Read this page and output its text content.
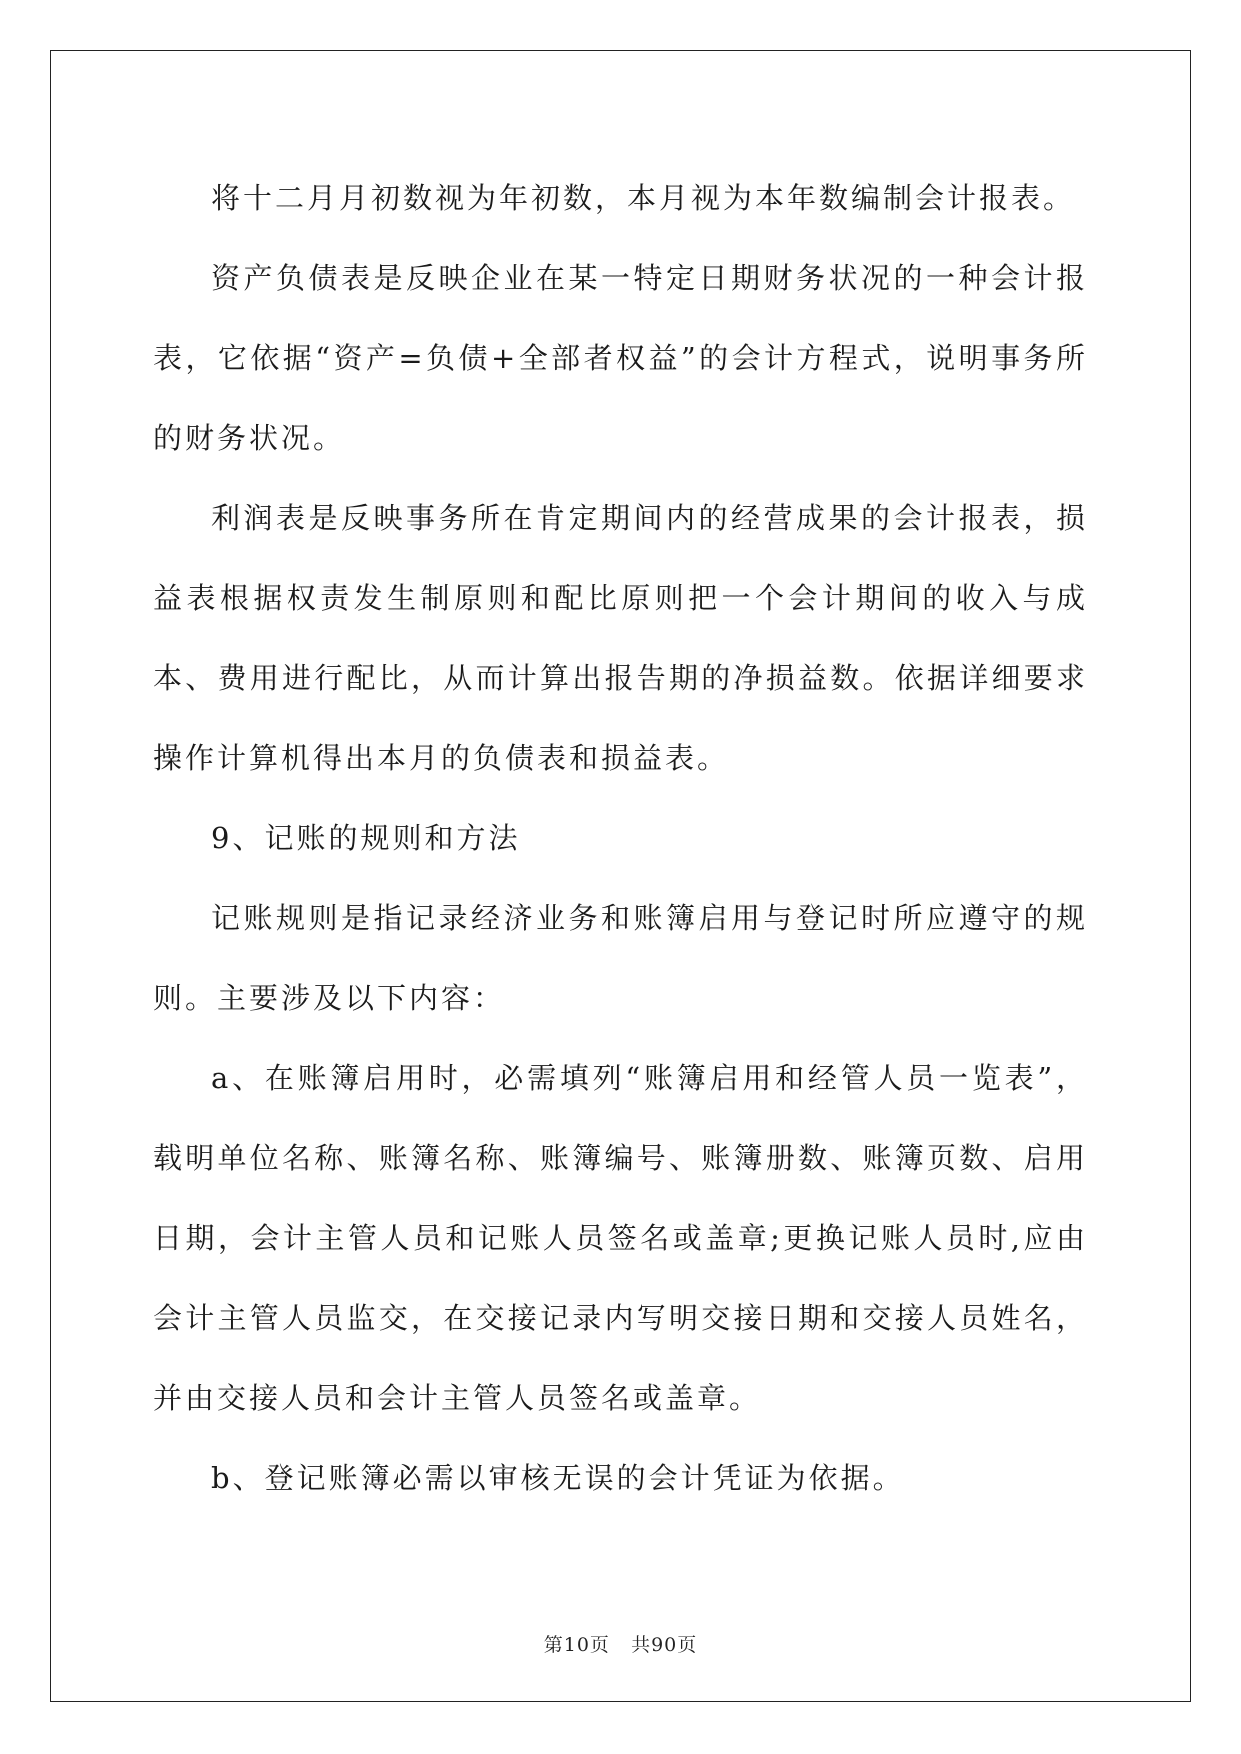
将十二月月初数视为年初数，本月视为本年数编制会计报表。

资产负债表是反映企业在某一特定日期财务状况的一种会计报表，它依据“资产=负债+全部者权益”的会计方程式，说明事务所的财务状况。

利润表是反映事务所在肯定期间内的经营成果的会计报表，损益表根据权责发生制原则和配比原则把一个会计期间的收入与成本、费用进行配比，从而计算出报告期的净损益数。依据详细要求操作计算机得出本月的负债表和损益表。

9、记账的规则和方法

记账规则是指记录经济业务和账簿启用与登记时所应遵守的规则。主要涉及以下内容：

a、在账簿启用时，必需填列“账簿启用和经管人员一览表”，载明单位名称、账簿名称、账簿编号、账簿册数、账簿页数、启用日期，会计主管人员和记账人员签名或盖章;更换记账人员时,应由会计主管人员监交，在交接记录内写明交接日期和交接人员姓名，并由交接人员和会计主管人员签名或盖章。

b、登记账簿必需以审核无误的会计凭证为依据。

第10页 共90页
